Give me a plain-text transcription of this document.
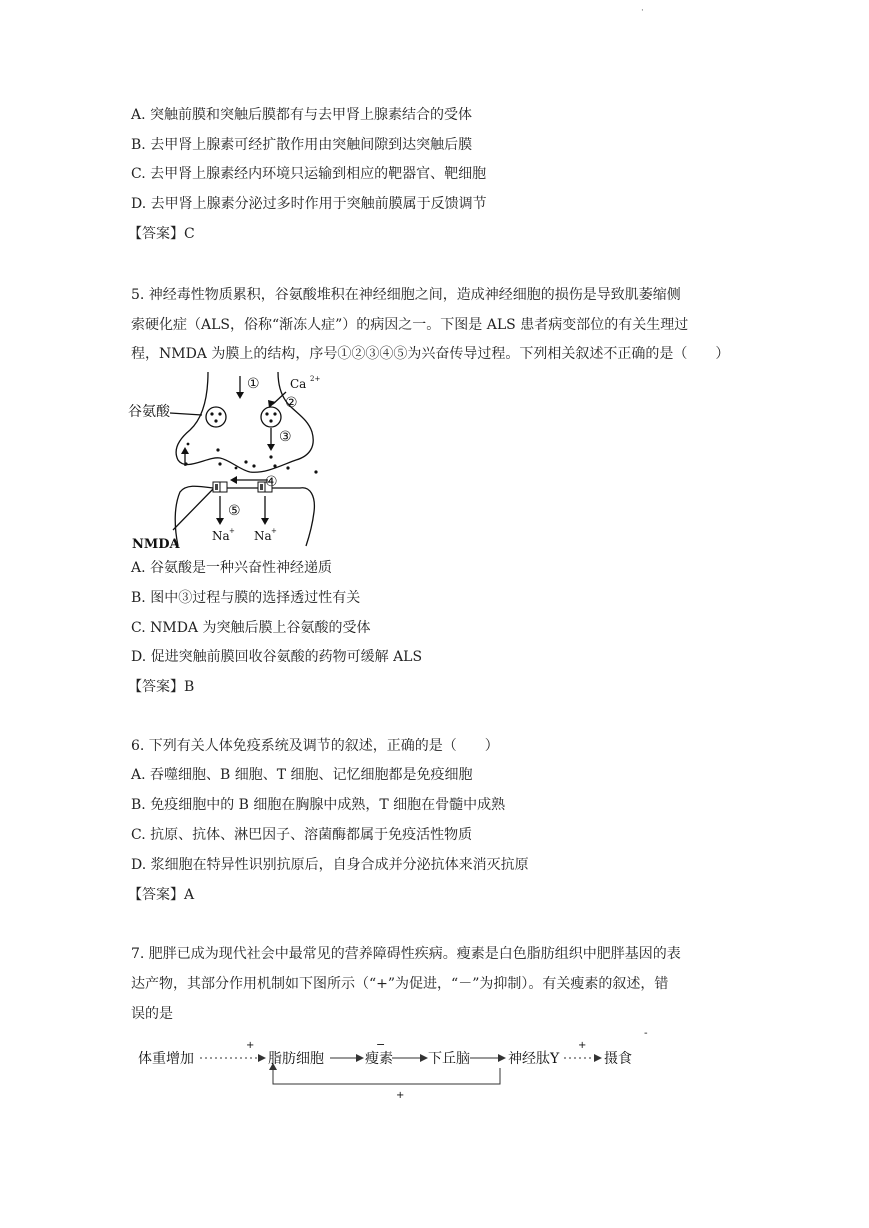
·
A. 突触前膜和突触后膜都有与去甲肾上腺素结合的受体
B. 去甲肾上腺素可经扩散作用由突触间隙到达突触后膜
C. 去甲肾上腺素经内环境只运输到相应的靶器官、靶细胞
D. 去甲肾上腺素分泌过多时作用于突触前膜属于反馈调节
【答案】C
5. 神经毒性物质累积，谷氨酸堆积在神经细胞之间，造成神经细胞的损伤是导致肌萎缩侧
索硬化症（ALS，俗称“渐冻人症”）的病因之一。下图是 ALS 患者病变部位的有关生理过
程，NMDA 为膜上的结构，序号①②③④⑤为兴奋传导过程。下列相关叙述不正确的是（　　）
谷氨酸
NMDA
Ca 2+
Na + Na +
①
②
③
④
⑤
A. 谷氨酸是一种兴奋性神经递质
B. 图中③过程与膜的选择透过性有关
C. NMDA 为突触后膜上谷氨酸的受体
D. 促进突触前膜回收谷氨酸的药物可缓解 ALS
【答案】B
6. 下列有关人体免疫系统及调节的叙述，正确的是（　　）
A. 吞噬细胞、B 细胞、T 细胞、记忆细胞都是免疫细胞
B. 免疫细胞中的 B 细胞在胸腺中成熟，T 细胞在骨髓中成熟
C. 抗原、抗体、淋巴因子、溶菌酶都属于免疫活性物质
D. 浆细胞在特异性识别抗原后，自身合成并分泌抗体来消灭抗原
【答案】A
7. 肥胖已成为现代社会中最常见的营养障碍性疾病。瘦素是白色脂肪组织中肥胖基因的表
达产物，其部分作用机制如下图所示（“+”为促进，“－”为抑制）。有关瘦素的叙述，错
误的是
体重增加	脂肪细胞	瘦素	下丘脑	神经肽Y	摄食
+	−	+
+
-
